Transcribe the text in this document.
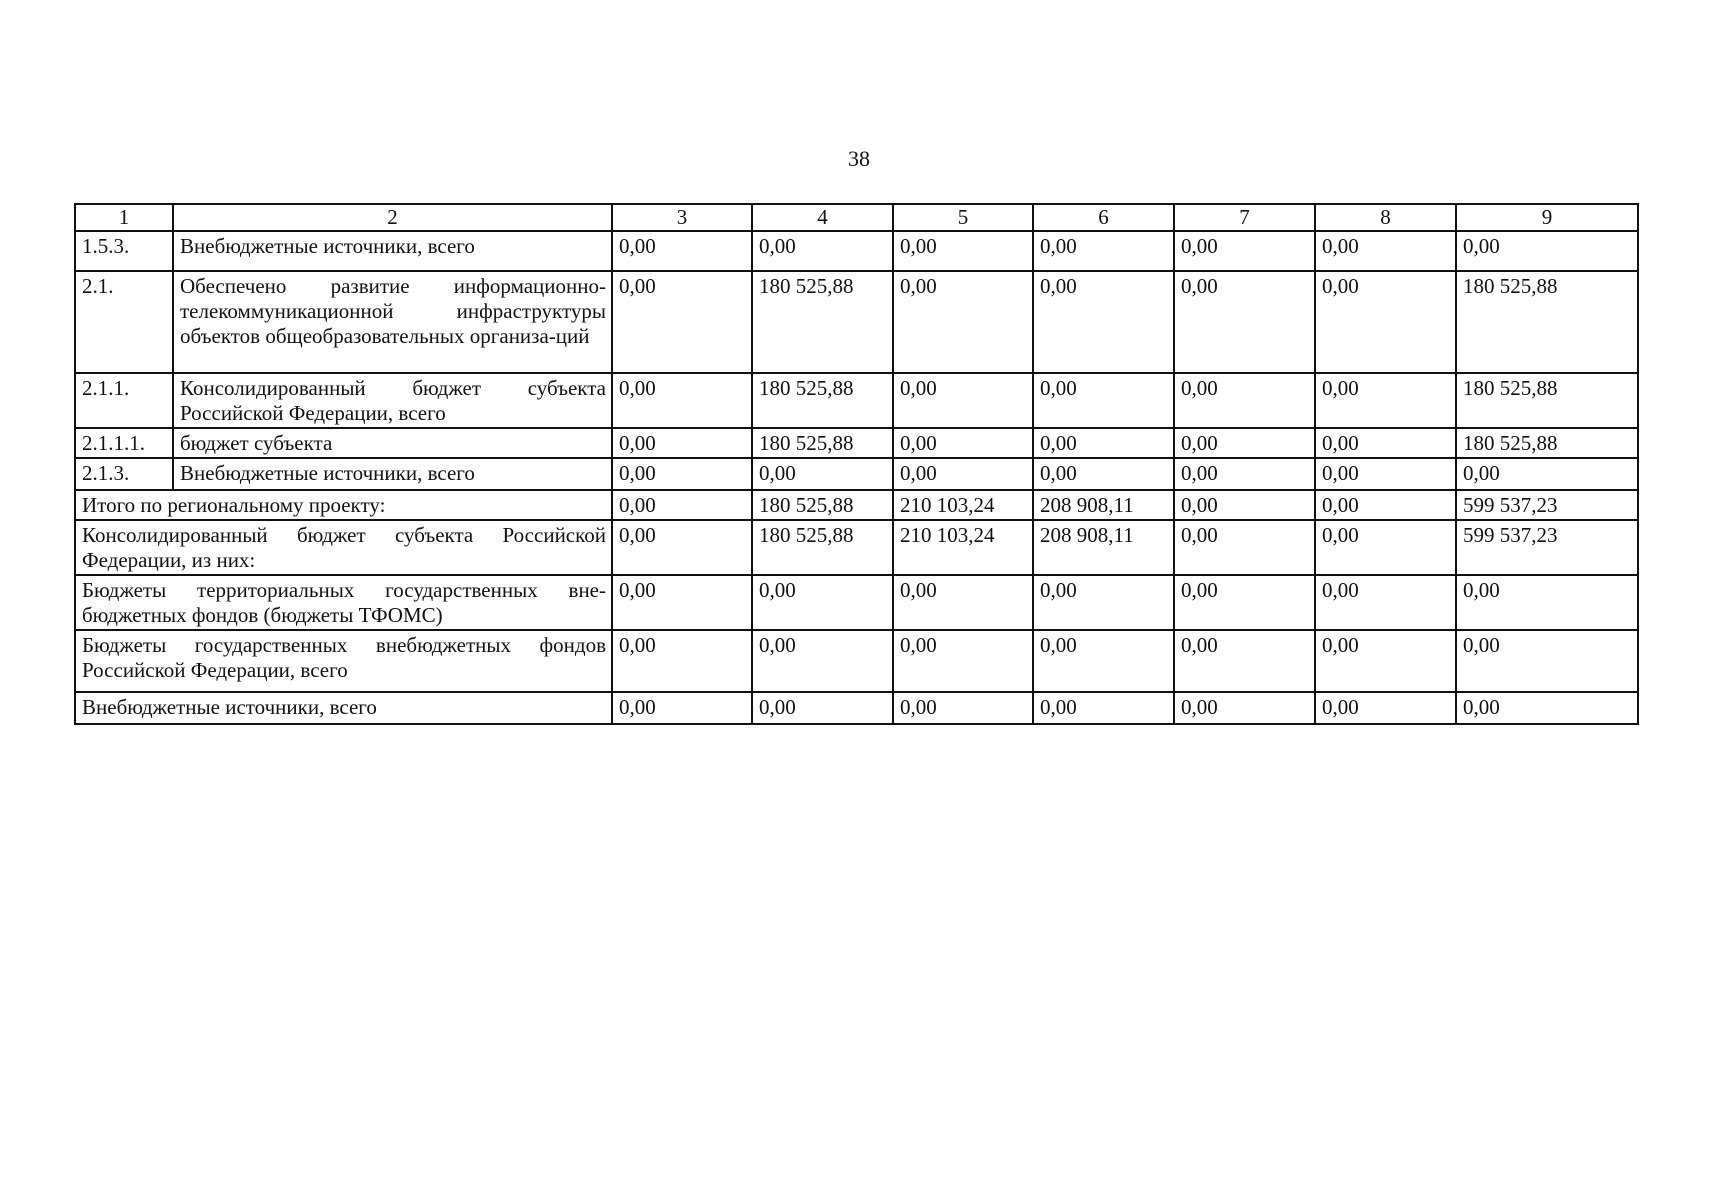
38
1	2	3	4	5	6	7	8	9
1.5.3.	Внебюджетные источники, всего	0,00	0,00	0,00	0,00	0,00	0,00	0,00
2.1.	Обеспечено развитие информационно-телекоммуникационной инфраструктуры объектов общеобразовательных организа-ций	0,00	180 525,88	0,00	0,00	0,00	0,00	180 525,88
2.1.1.	Консолидированный бюджет субъекта Российской Федерации, всего	0,00	180 525,88	0,00	0,00	0,00	0,00	180 525,88
2.1.1.1.	бюджет субъекта	0,00	180 525,88	0,00	0,00	0,00	0,00	180 525,88
2.1.3.	Внебюджетные источники, всего	0,00	0,00	0,00	0,00	0,00	0,00	0,00
Итого по региональному проекту:		0,00	180 525,88	210 103,24	208 908,11	0,00	0,00	599 537,23
Консолидированный бюджет субъекта Российской Федерации, из них:		0,00	180 525,88	210 103,24	208 908,11	0,00	0,00	599 537,23
Бюджеты территориальных государственных вне-бюджетных фондов (бюджеты ТФОМС)		0,00	0,00	0,00	0,00	0,00	0,00	0,00
Бюджеты государственных внебюджетных фондов Российской Федерации, всего		0,00	0,00	0,00	0,00	0,00	0,00	0,00
Внебюджетные источники, всего		0,00	0,00	0,00	0,00	0,00	0,00	0,00
